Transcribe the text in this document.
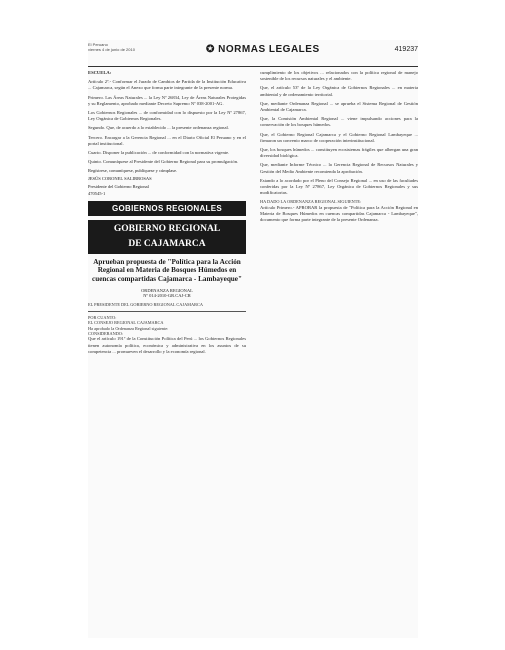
El Peruano
viernes 4 de junio de 2010	✪ NORMAS LEGALES	419237

ESCUELA:

Artículo 2º.- Conformar el Jurado de Cambios de Partida de la Institución Educativa ... Cajamarca, según el Anexo que forma parte integrante de la presente norma.

Primero. Las Áreas Naturales ... la Ley Nº 26834, Ley de Áreas Naturales Protegidas y su Reglamento, aprobado mediante Decreto Supremo Nº 038-2001-AG.

Los Gobiernos Regionales ... de conformidad con lo dispuesto por la Ley Nº 27867, Ley Orgánica de Gobiernos Regionales.

Segundo. Que, de acuerdo a lo establecido ... la presente ordenanza regional.

Tercero. Encargar a la Gerencia Regional ... en el Diario Oficial El Peruano y en el portal institucional.

Cuarto. Disponer la publicación ... de conformidad con la normativa vigente.

Quinto. Comuníquese al Presidente del Gobierno Regional para su promulgación.

Regístrese, comuníquese, publíquese y cúmplase.
JESÚS CORONEL SALIRROSAS
Presidente del Gobierno Regional
470545-1
GOBIERNOS REGIONALES
GOBIERNO REGIONAL
DE CAJAMARCA
Aprueban propuesta de "Política para la Acción Regional en Materia de Bosques Húmedos en cuencas compartidas Cajamarca - Lambayeque"
ORDENANZA REGIONAL
Nº 014-2010-GR.CAJ-CR
EL PRESIDENTE DEL GOBIERNO REGIONAL CAJAMARCA
POR CUANTO:
EL CONSEJO REGIONAL CAJAMARCA
Ha aprobado la Ordenanza Regional siguiente:
CONSIDERANDO:

Que el artículo 191º de la Constitución Política del Perú ... los Gobiernos Regionales tienen autonomía política, económica y administrativa en los asuntos de su competencia ... promueven el desarrollo y la economía regional.

cumplimiento de los objetivos ... relacionados con la política regional de manejo sostenible de los recursos naturales y el ambiente.

Que, el artículo 53º de la Ley Orgánica de Gobiernos Regionales ... en materia ambiental y de ordenamiento territorial.

Que, mediante Ordenanza Regional ... se aprueba el Sistema Regional de Gestión Ambiental de Cajamarca.

Que, la Comisión Ambiental Regional ... viene impulsando acciones para la conservación de los bosques húmedos.

Que, el Gobierno Regional Cajamarca y el Gobierno Regional Lambayeque ... firmaron un convenio marco de cooperación interinstitucional.

Que, los bosques húmedos ... constituyen ecosistemas frágiles que albergan una gran diversidad biológica.

Que, mediante Informe Técnico ... la Gerencia Regional de Recursos Naturales y Gestión del Medio Ambiente recomienda la aprobación.

Estando a lo acordado por el Pleno del Consejo Regional ... en uso de las facultades conferidas por la Ley Nº 27867, Ley Orgánica de Gobiernos Regionales y sus modificatorias.

HA DADO LA ORDENANZA REGIONAL SIGUIENTE:

Artículo Primero.- APROBAR la propuesta de "Política para la Acción Regional en Materia de Bosques Húmedos en cuencas compartidas Cajamarca - Lambayeque", documento que forma parte integrante de la presente Ordenanza.
